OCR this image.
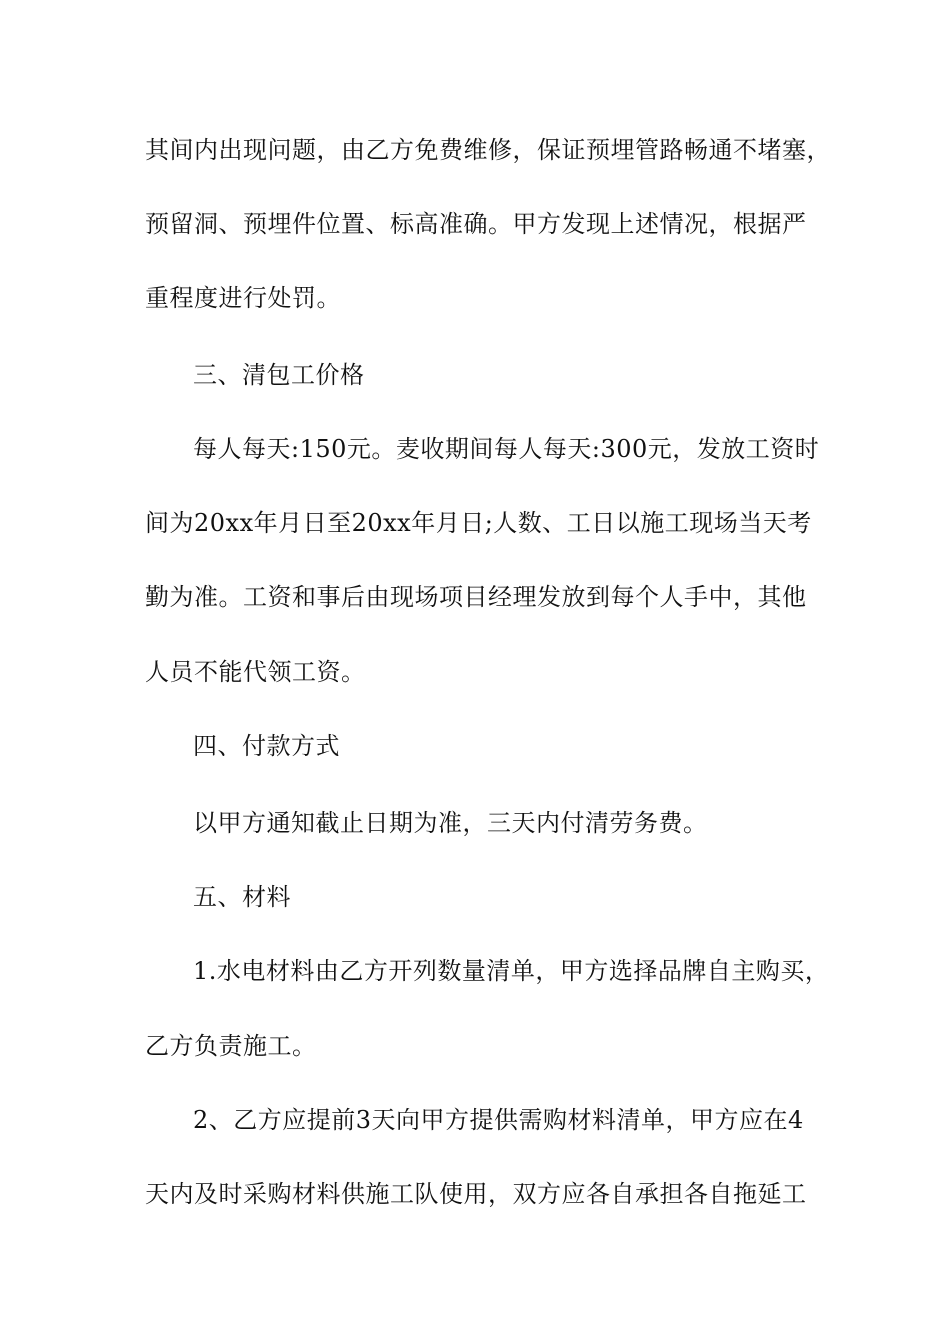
其间内出现问题，由乙方免费维修，保证预埋管路畅通不堵塞，
预留洞、预埋件位置、标高准确。甲方发现上述情况，根据严
重程度进行处罚。
三、清包工价格
每人每天:150元。麦收期间每人每天:300元，发放工资时
间为20xx年月日至20xx年月日;人数、工日以施工现场当天考
勤为准。工资和事后由现场项目经理发放到每个人手中，其他
人员不能代领工资。
四、付款方式
以甲方通知截止日期为准，三天内付清劳务费。
五、材料
1.水电材料由乙方开列数量清单，甲方选择品牌自主购买，
乙方负责施工。
2、乙方应提前3天向甲方提供需购材料清单，甲方应在4
天内及时采购材料供施工队使用，双方应各自承担各自拖延工
